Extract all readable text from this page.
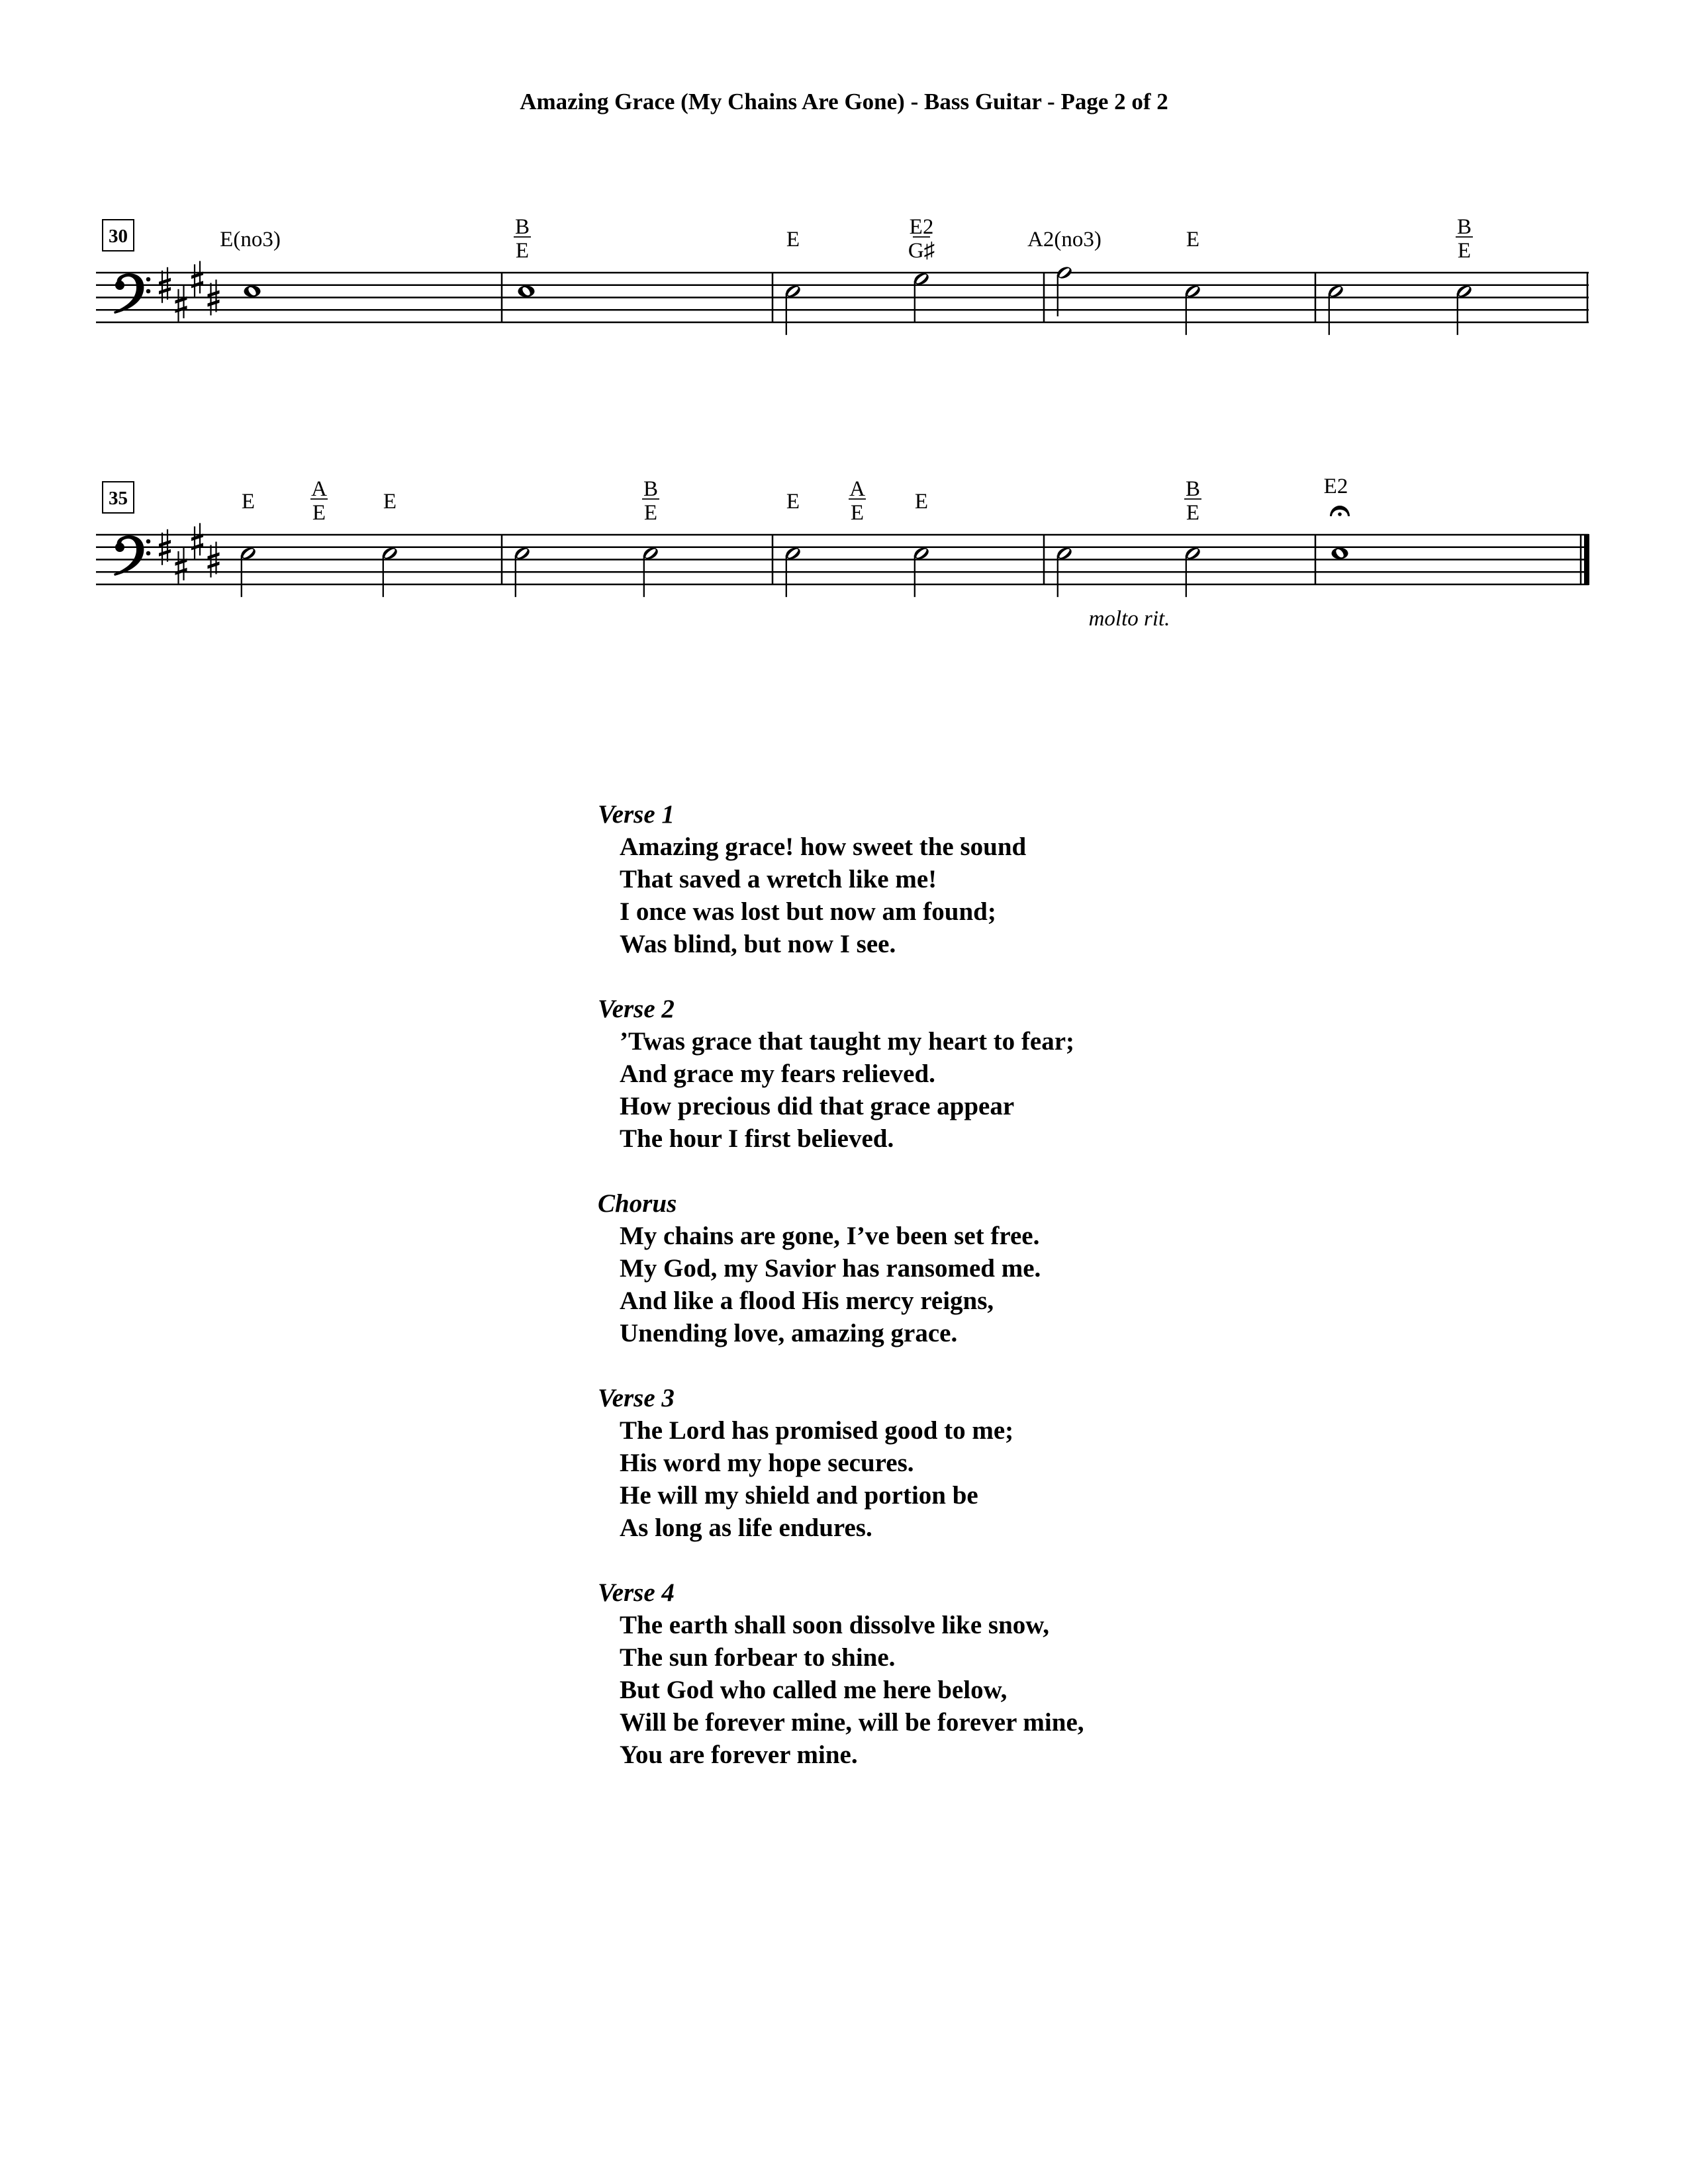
Amazing Grace (My Chains Are Gone) - Bass Guitar - Page 2 of 2
30	E(no3)
B
E	E
E2
G♯	A2(no3)	E
B
E
35	E
A
E	E
B
E	E
A
E E
B
E
molto rit.
E2
Verse 1
Amazing grace! how sweet the sound
That saved a wretch like me!
I once was lost but now am found;
Was blind, but now I see.
Verse 2
’Twas grace that taught my heart to fear;
And grace my fears relieved.
How precious did that grace appear
The hour I first believed.
Chorus
My chains are gone, I’ve been set free.
My God, my Savior has ransomed me.
And like a flood His mercy reigns,
Unending love, amazing grace.
Verse 3
The Lord has promised good to me;
His word my hope secures.
He will my shield and portion be
As long as life endures.
Verse 4
The earth shall soon dissolve like snow,
The sun forbear to shine.
But God who called me here below,
Will be forever mine, will be forever mine,
You are forever mine.
